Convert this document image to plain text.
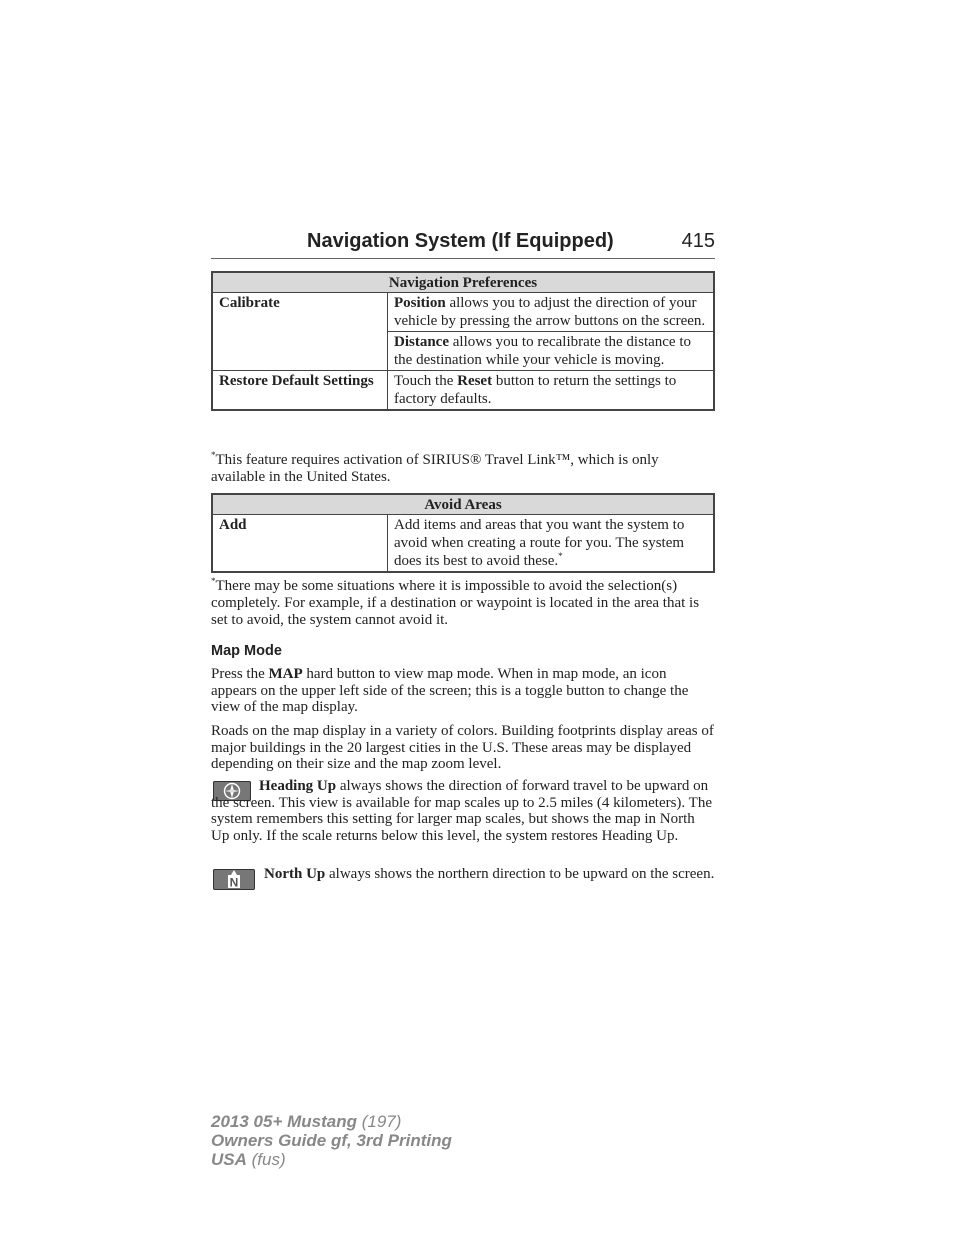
Navigation System (If Equipped)	415
Navigation Preferences	
Calibrate	Position allows you to adjust the direction of your vehicle by pressing the arrow buttons on the screen.
	Distance allows you to recalibrate the distance to the destination while your vehicle is moving.
Restore Default Settings	Touch the Reset button to return the settings to factory defaults.
*This feature requires activation of SIRIUS® Travel Link™, which is only available in the United States.
Avoid Areas
Add	Add items and areas that you want the system to avoid when creating a route for you. The system does its best to avoid these.*
*There may be some situations where it is impossible to avoid the selection(s) completely. For example, if a destination or waypoint is located in the area that is set to avoid, the system cannot avoid it.
Map Mode
Press the MAP hard button to view map mode. When in map mode, an icon appears on the upper left side of the screen; this is a toggle button to change the view of the map display.
Roads on the map display in a variety of colors. Building footprints display areas of major buildings in the 20 largest cities in the U.S. These areas may be displayed depending on their size and the map zoom level.
Heading Up always shows the direction of forward travel to be upward on the screen. This view is available for map scales up to 2.5 miles (4 kilometers). The system remembers this setting for larger map scales, but shows the map in North Up only. If the scale returns below this level, the system restores Heading Up.
N
North Up always shows the northern direction to be upward on the screen.
2013 05+ Mustang (197)
Owners Guide gf, 3rd Printing
USA (fus)
